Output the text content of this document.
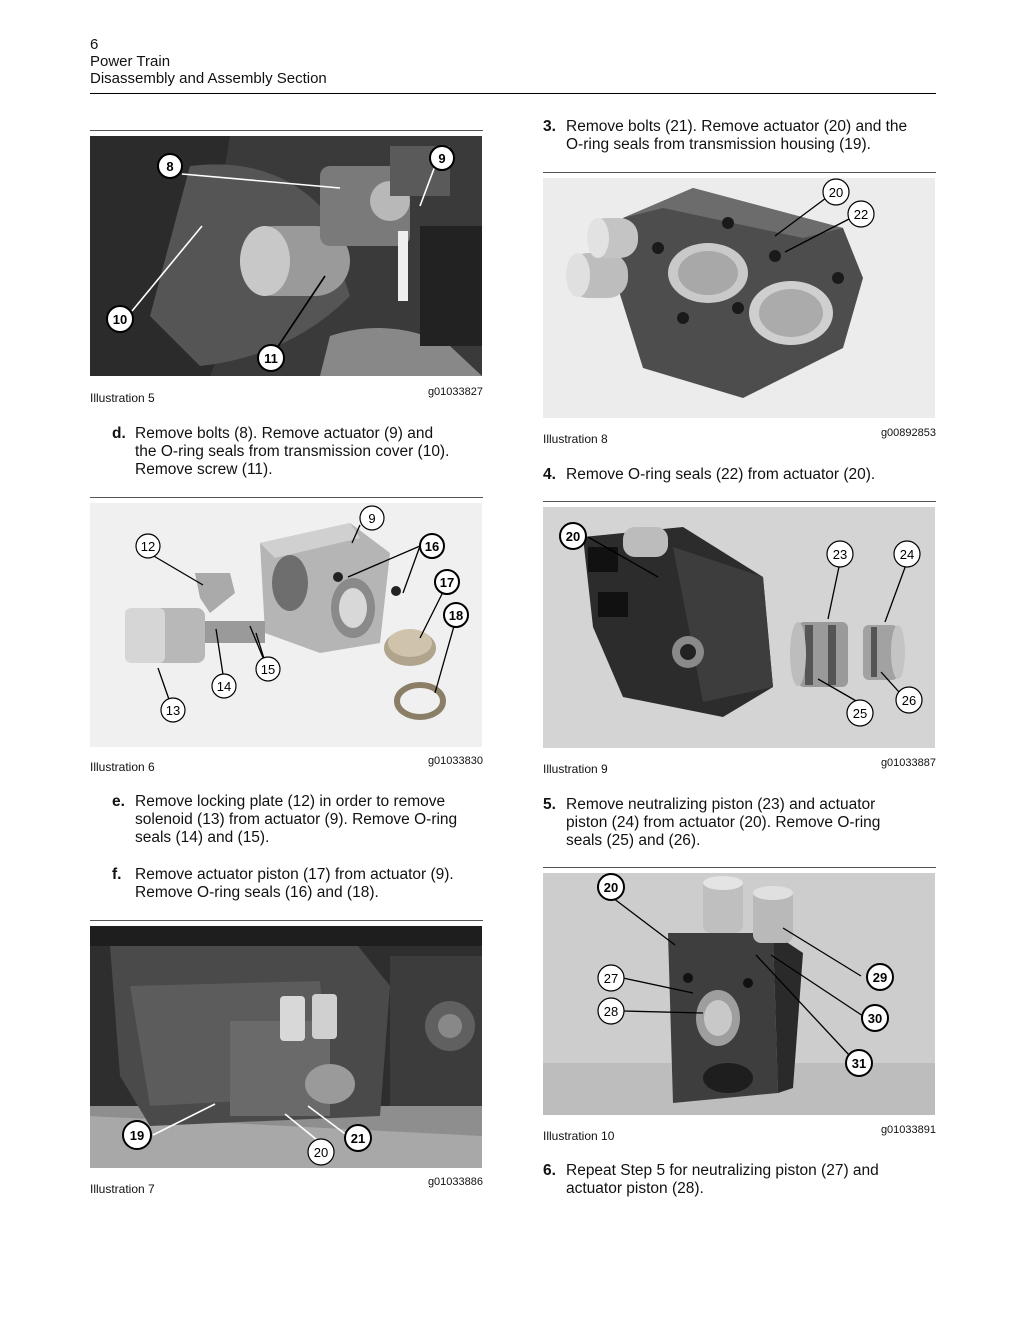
6
Power Train
Disassembly and Assembly Section
8
9
10
11
Illustration 5	g01033827
d. Remove bolts (8). Remove actuator (9) and
the O-ring seals from transmission cover (10).
Remove screw (11).
12
9
16
17
18
15
14
13
Illustration 6	g01033830
e. Remove locking plate (12) in order to remove
solenoid (13) from actuator (9). Remove O-ring
seals (14) and (15).
f. Remove actuator piston (17) from actuator (9).
Remove O-ring seals (16) and (18).
19
20
21
Illustration 7	g01033886
3. Remove bolts (21). Remove actuator (20) and the
O-ring seals from transmission housing (19).
20
22
Illustration 8	g00892853
4. Remove O-ring seals (22) from actuator (20).
20
23	24
26
25
Illustration 9	g01033887
5. Remove neutralizing piston (23) and actuator
piston (24) from actuator (20). Remove O-ring
seals (25) and (26).
20
27
28
29
30
31
Illustration 10	g01033891
6. Repeat Step 5 for neutralizing piston (27) and
actuator piston (28).
